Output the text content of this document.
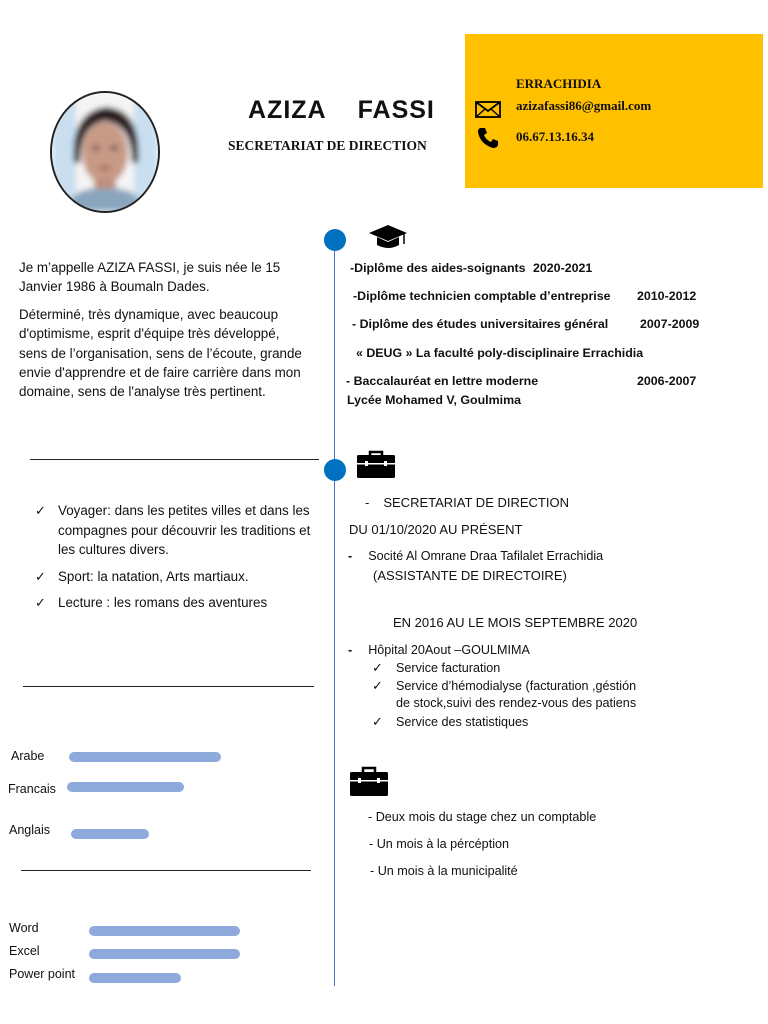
AZIZA FASSI
SECRETARIAT DE DIRECTION
ERRACHIDIA
azizafassi86@gmail.com
06.67.13.16.34
Je m’appelle AZIZA FASSI, je suis née le 15 Janvier 1986 à Boumaln Dades.
Déterminé, très dynamique, avec beaucoup d'optimisme, esprit d'équipe très développé, sens de l’organisation, sens de l’écoute, grande envie d'apprendre et de faire carrière dans mon domaine, sens de l'analyse très pertinent.
✓ Voyager: dans les petites villes et dans les compagnes pour découvrir les traditions et les cultures divers.
✓ Sport: la natation, Arts martiaux.
✓ Lecture : les romans des aventures
Arabe
Francais
Anglais
Word
Excel
Power point
-Diplôme des aides-soignants 2020-2021
-Diplôme technicien comptable d’entreprise 2010-2012
- Diplôme des études universitaires général	2007-2009
« DEUG » La faculté poly-disciplinaire Errachidia
- Baccalauréat en lettre moderne	2006-2007
Lycée Mohamed V, Goulmima
- SECRETARIAT DE DIRECTION
DU 01/10/2020 AU PRÉSENT
- Socité Al Omrane Draa Tafilalet Errachidia
(ASSISTANTE DE DIRECTOIRE)
EN 2016 AU LE MOIS SEPTEMBRE 2020
- Hôpital 20Aout –GOULMIMA
✓ Service facturation
✓ Service d’hémodialyse (facturation ,géstión
de stock,suivi des rendez-vous des patiens
✓ Service des statistiques
- Deux mois du stage chez un comptable
- Un mois à la pércéption
- Un mois à la municipalité
